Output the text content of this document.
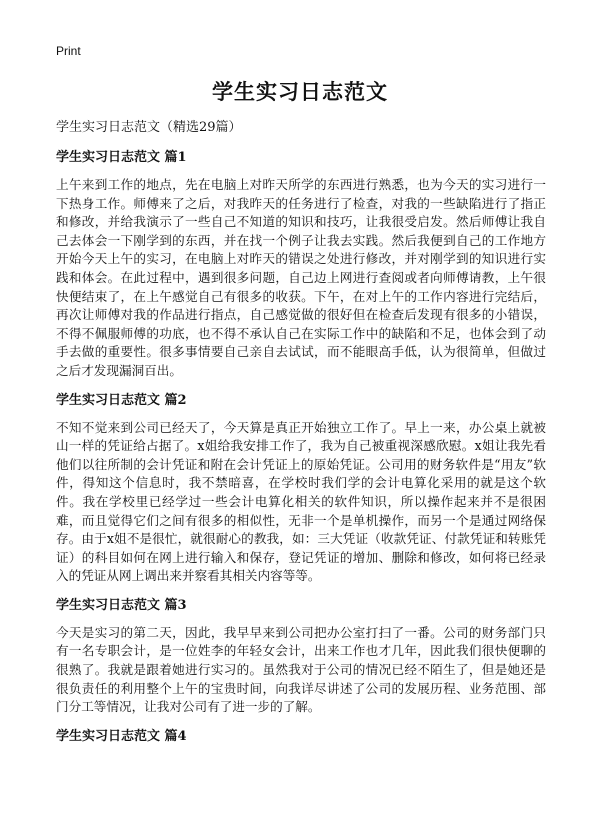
Print
学生实习日志范文
学生实习日志范文（精选29篇）
学生实习日志范文 篇1

上午来到工作的地点，先在电脑上对昨天所学的东西进行熟悉，也为今天的实习进行一下热身工作。师傅来了之后，对我昨天的任务进行了检查，对我的一些缺陷进行了指正和修改，并给我演示了一些自己不知道的知识和技巧，让我很受启发。然后师傅让我自己去体会一下刚学到的东西，并在找一个例子让我去实践。然后我便到自己的工作地方开始今天上午的实习，在电脑上对昨天的错误之处进行修改，并对刚学到的知识进行实践和体会。在此过程中，遇到很多问题，自己边上网进行查阅或者向师傅请教，上午很快便结束了，在上午感觉自己有很多的收获。下午，在对上午的工作内容进行完结后，再次让师傅对我的作品进行指点，自己感觉做的很好但在检查后发现有很多的小错误，不得不佩服师傅的功底，也不得不承认自己在实际工作中的缺陷和不足，也体会到了动手去做的重要性。很多事情要自己亲自去试试，而不能眼高手低，认为很简单，但做过之后才发现漏洞百出。

学生实习日志范文 篇2

不知不觉来到公司已经天了，今天算是真正开始独立工作了。早上一来，办公桌上就被山一样的凭证给占据了。x姐给我安排工作了，我为自己被重视深感欣慰。x姐让我先看他们以往所制的会计凭证和附在会计凭证上的原始凭证。公司用的财务软件是“用友”软件，得知这个信息时，我不禁暗喜，在学校时我们学的会计电算化采用的就是这个软件。我在学校里已经学过一些会计电算化相关的软件知识，所以操作起来并不是很困难，而且觉得它们之间有很多的相似性，无非一个是单机操作，而另一个是通过网络保存。由于x姐不是很忙，就很耐心的教我，如：三大凭证（收款凭证、付款凭证和转账凭证）的科目如何在网上进行输入和保存，登记凭证的增加、删除和修改，如何将已经录入的凭证从网上调出来并察看其相关内容等等。

学生实习日志范文 篇3

今天是实习的第二天，因此，我早早来到公司把办公室打扫了一番。公司的财务部门只有一名专职会计，是一位姓李的年轻女会计，出来工作也才几年，因此我们很快便聊的很熟了。我就是跟着她进行实习的。虽然我对于公司的情况已经不陌生了，但是她还是很负责任的利用整个上午的宝贵时间，向我详尽讲述了公司的发展历程、业务范围、部门分工等情况，让我对公司有了进一步的了解。

学生实习日志范文 篇4
